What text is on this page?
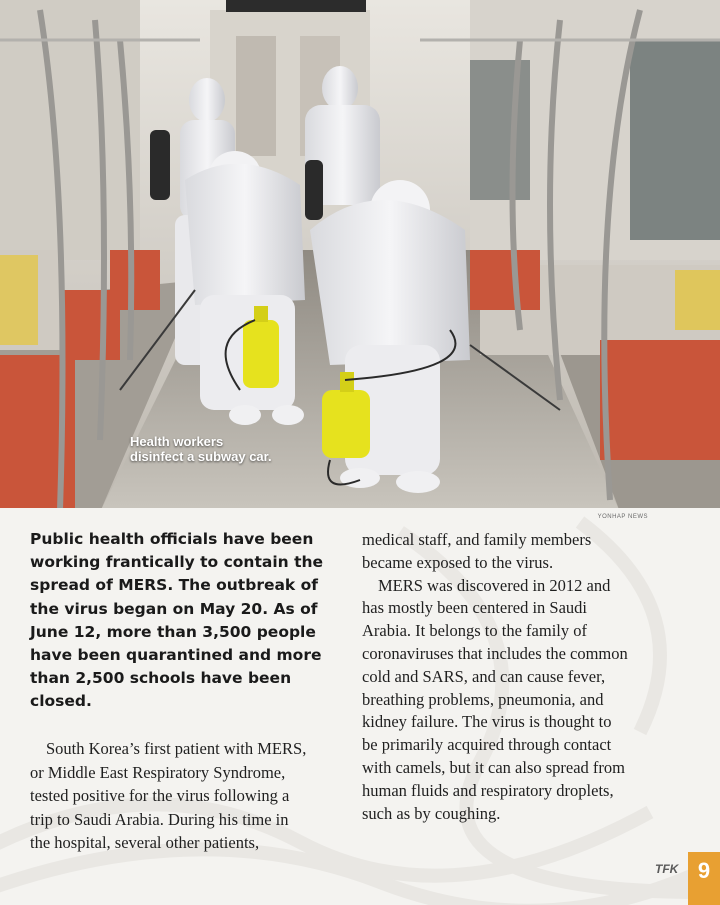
Health workers
disinfect a subway car.
YONHAP NEWS
Public health officials have been
working frantically to contain the
spread of MERS. The outbreak of
the virus began on May 20. As of
June 12, more than 3,500 people
have been quarantined and more
than 2,500 schools have been
closed.
South Korea’s first patient with MERS,
or Middle East Respiratory Syndrome,
tested positive for the virus following a
trip to Saudi Arabia. During his time in
the hospital, several other patients,
medical staff, and family members
became exposed to the virus.
MERS was discovered in 2012 and
has mostly been centered in Saudi
Arabia. It belongs to the family of
coronaviruses that includes the common
cold and SARS, and can cause fever,
breathing problems, pneumonia, and
kidney failure. The virus is thought to
be primarily acquired through contact
with camels, but it can also spread from
human fluids and respiratory droplets,
such as by coughing.
TFK 9
